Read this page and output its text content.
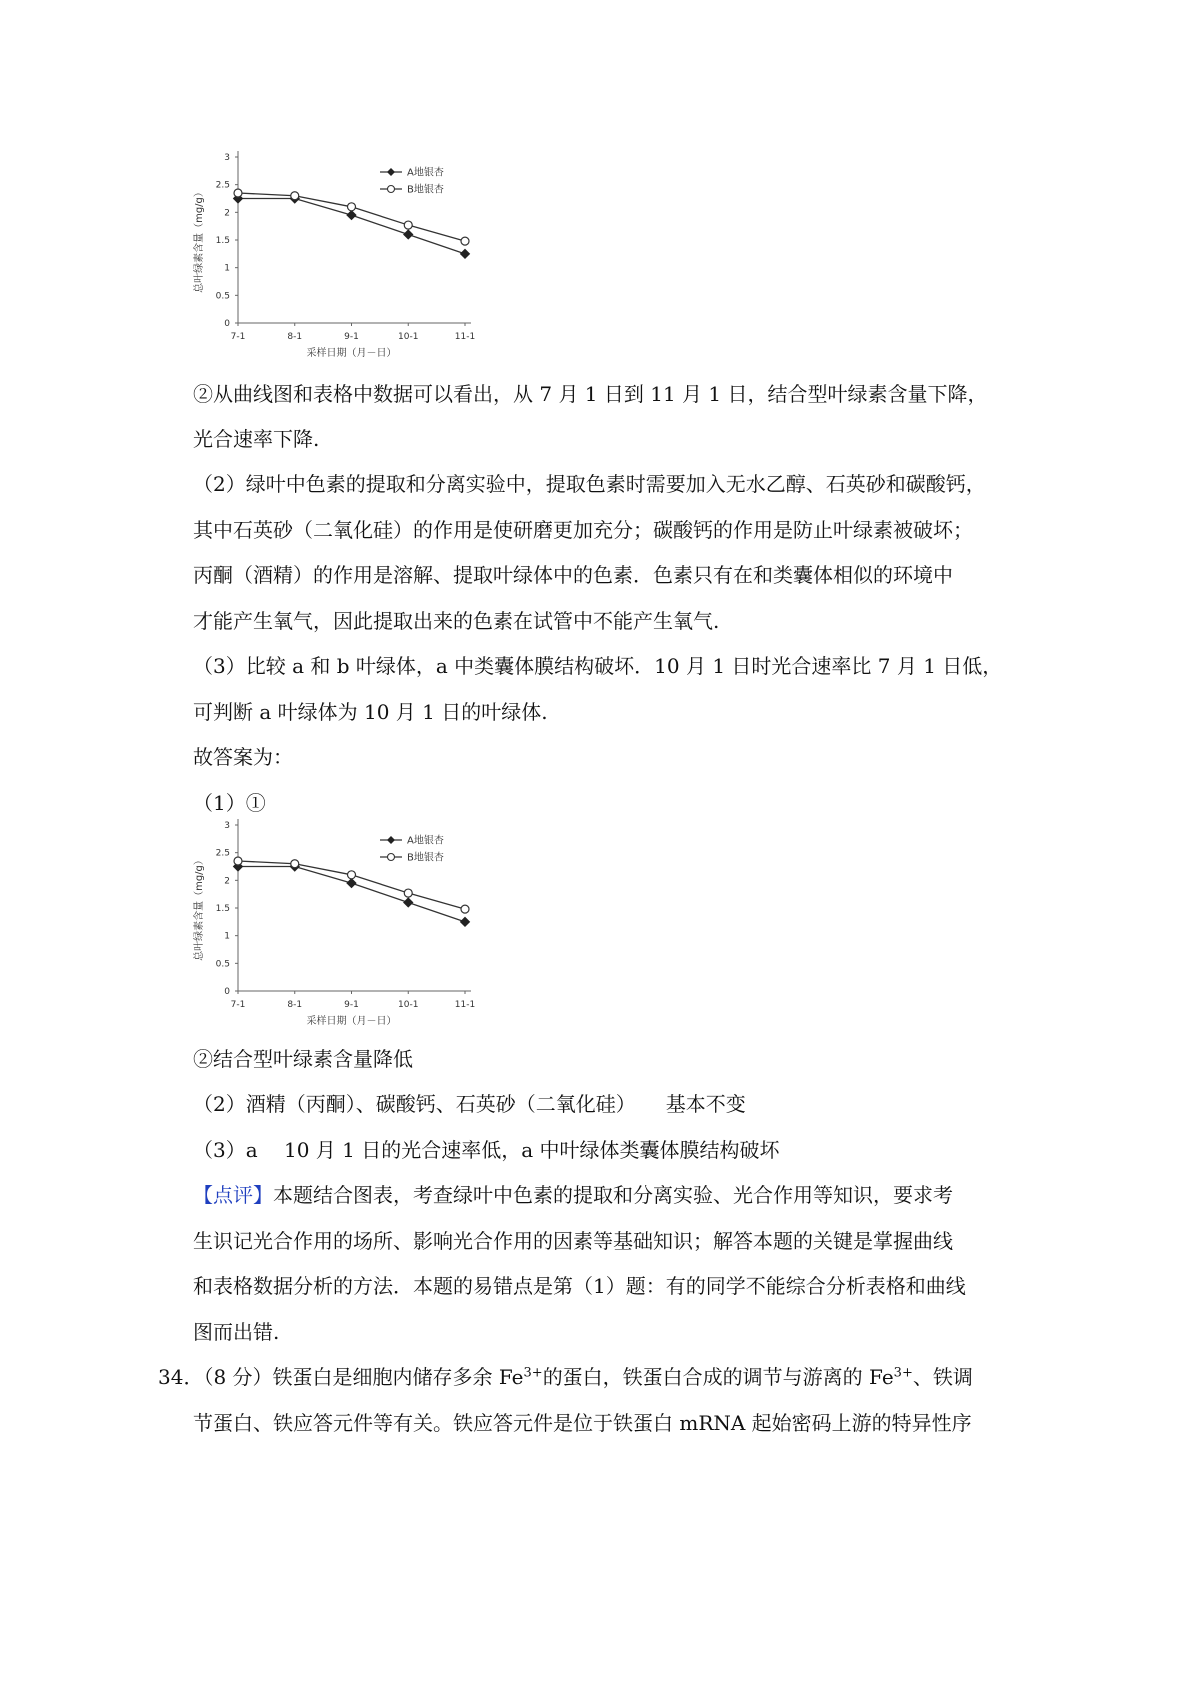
0
0.5
1
1.5
2
2.5
3
7-1	8-1	9-1	10-1	11-1
采样日期（月－日）
总叶绿素含量（mg/g）
A地银杏
B地银杏
②从曲线图和表格中数据可以看出，从 7 月 1 日到 11 月 1 日，结合型叶绿素含量下降，
光合速率下降.
（2）绿叶中色素的提取和分离实验中，提取色素时需要加入无水乙醇、石英砂和碳酸钙，
其中石英砂（二氧化硅）的作用是使研磨更加充分；碳酸钙的作用是防止叶绿素被破坏；
丙酮（酒精）的作用是溶解、提取叶绿体中的色素．色素只有在和类囊体相似的环境中
才能产生氧气，因此提取出来的色素在试管中不能产生氧气.
（3）比较 a 和 b 叶绿体，a 中类囊体膜结构破坏．10 月 1 日时光合速率比 7 月 1 日低，
可判断 a 叶绿体为 10 月 1 日的叶绿体.
故答案为：
（1）①
0
0.5
1
1.5
2
2.5
3
7-1	8-1	9-1	10-1	11-1
采样日期（月－日）
总叶绿素含量（mg/g）
A地银杏
B地银杏
②结合型叶绿素含量降低
（2）酒精（丙酮）、碳酸钙、石英砂（二氧化硅）　　基本不变
（3）a　 10 月 1 日的光合速率低，a 中叶绿体类囊体膜结构破坏
【点评】本题结合图表，考查绿叶中色素的提取和分离实验、光合作用等知识，要求考
生识记光合作用的场所、影响光合作用的因素等基础知识；解答本题的关键是掌握曲线
和表格数据分析的方法．本题的易错点是第（1）题：有的同学不能综合分析表格和曲线
图而出错.
34．（8 分）铁蛋白是细胞内储存多余 $Fe^{3+}$的蛋白，铁蛋白合成的调节与游离的 $Fe^{3+}$、铁调
节蛋白、铁应答元件等有关。铁应答元件是位于铁蛋白 mRNA 起始密码上游的特异性序
